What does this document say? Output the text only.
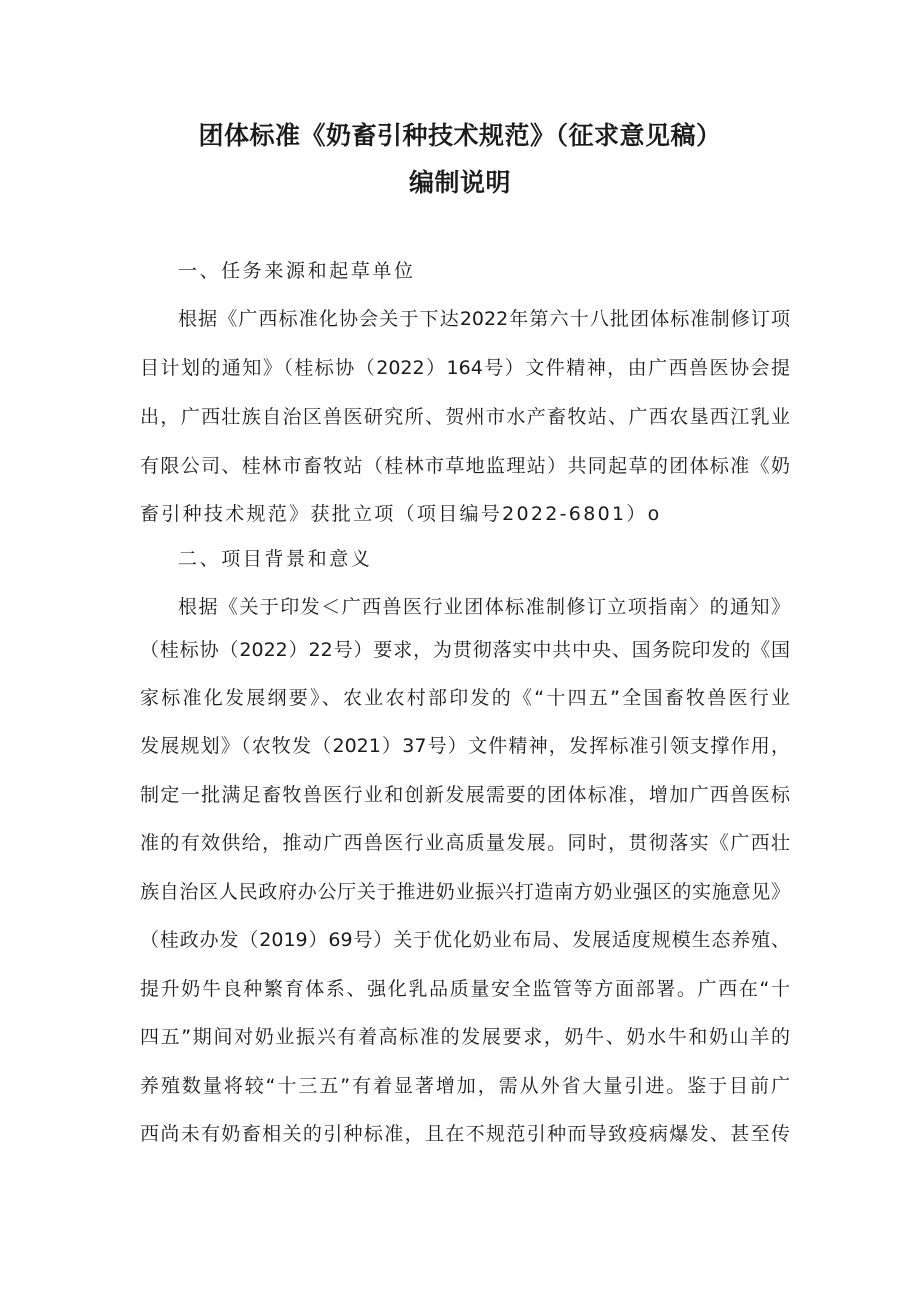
团体标准《奶畜引种技术规范》（征求意见稿）
编制说明
一、任务来源和起草单位
根据《广西标准化协会关于下达2022年第六十八批团体标准制修订项
目计划的通知》（桂标协（2022）164号）文件精神，由广西兽医协会提
出，广西壮族自治区兽医研究所、贺州市水产畜牧站、广西农垦西江乳业
有限公司、桂林市畜牧站（桂林市草地监理站）共同起草的团体标准《奶
畜引种技术规范》获批立项（项目编号2022-6801）o
二、项目背景和意义
根据《关于印发＜广西兽医行业团体标准制修订立项指南〉的通知》
（桂标协（2022）22号）要求，为贯彻落实中共中央、国务院印发的《国
家标准化发展纲要》、农业农村部印发的《“十四五”全国畜牧兽医行业
发展规划》（农牧发（2021）37号）文件精神，发挥标准引领支撑作用，
制定一批满足畜牧兽医行业和创新发展需要的团体标准，增加广西兽医标
准的有效供给，推动广西兽医行业高质量发展。同时，贯彻落实《广西壮
族自治区人民政府办公厅关于推进奶业振兴打造南方奶业强区的实施意见》
（桂政办发（2019）69号）关于优化奶业布局、发展适度规模生态养殖、
提升奶牛良种繁育体系、强化乳品质量安全监管等方面部署。广西在“十
四五”期间对奶业振兴有着高标准的发展要求，奶牛、奶水牛和奶山羊的
养殖数量将较“十三五”有着显著增加，需从外省大量引进。鉴于目前广
西尚未有奶畜相关的引种标准，且在不规范引种而导致疫病爆发、甚至传
